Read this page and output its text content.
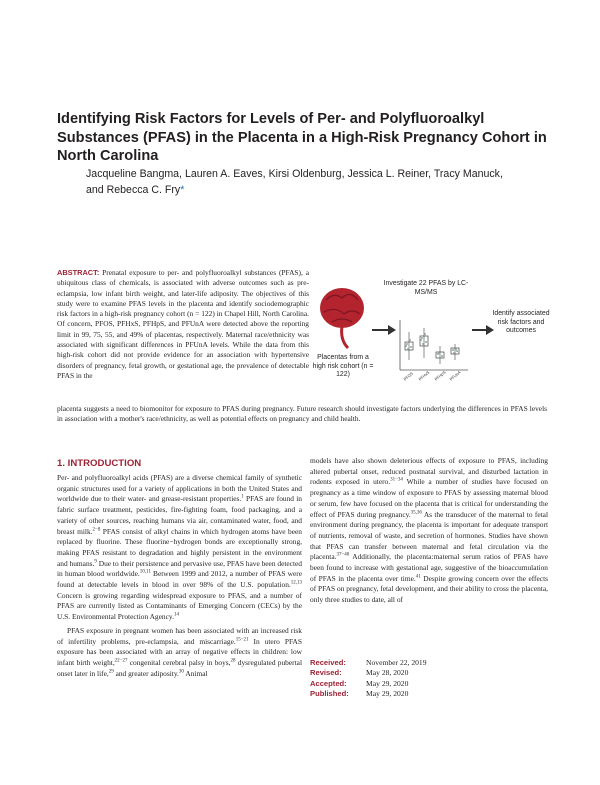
Identifying Risk Factors for Levels of Per- and Polyfluoroalkyl Substances (PFAS) in the Placenta in a High-Risk Pregnancy Cohort in North Carolina

Jacqueline Bangma, Lauren A. Eaves, Kirsi Oldenburg, Jessica L. Reiner, Tracy Manuck, and Rebecca C. Fry*

ABSTRACT: Prenatal exposure to per- and polyfluoroalkyl substances (PFAS), a ubiquitous class of chemicals, is associated with adverse outcomes such as pre-eclampsia, low infant birth weight, and later-life adiposity. The objectives of this study were to examine PFAS levels in the placenta and identify sociodemographic risk factors in a high-risk pregnancy cohort (n = 122) in Chapel Hill, North Carolina. Of concern, PFOS, PFHxS, PFHpS, and PFUnA were detected above the reporting limit in 99, 75, 55, and 49% of placentas, respectively. Maternal race/ethnicity was associated with significant differences in PFUnA levels. While the data from this high-risk cohort did not provide evidence for an association with hypertensive disorders of pregnancy, fetal growth, or gestational age, the prevalence of detectable PFAS in the	PFOS PFHxS PFHpS PFUnA
Investigate 22 PFAS by LC-MS/MS
Placentas from a high risk cohort (n = 122)
Identify associated risk factors and outcomes

placenta suggests a need to biomonitor for exposure to PFAS during pregnancy. Future research should investigate factors underlying the differences in PFAS levels in association with a mother's race/ethnicity, as well as potential effects on pregnancy and child health.

1. INTRODUCTION

Per- and polyfluoroalkyl acids (PFAS) are a diverse chemical family of synthetic organic structures used for a variety of applications in both the United States and worldwide due to their water- and grease-resistant properties.$^1$ PFAS are found in fabric surface treatment, pesticides, fire-fighting foam, food packaging, and a variety of other sources, reaching humans via air, contaminated water, food, and breast milk.$^{2-8}$ PFAS consist of alkyl chains in which hydrogen atoms have been replaced by fluorine. These fluorine−hydrogen bonds are exceptionally strong, making PFAS resistant to degradation and highly persistent in the environment and humans.$^9$ Due to their persistence and pervasive use, PFAS have been detected in human blood worldwide.$^{10,11}$ Between 1999 and 2012, a number of PFAS were found at detectable levels in blood in over 98% of the U.S. population.$^{12,13}$ Concern is growing regarding widespread exposure to PFAS, and a number of PFAS are currently listed as Contaminants of Emerging Concern (CECs) by the U.S. Environmental Protection Agency.$^{14}$

PFAS exposure in pregnant women has been associated with an increased risk of infertility problems, pre-eclampsia, and miscarriage.$^{15-21}$ In utero PFAS exposure has been associated with an array of negative effects in children: low infant birth weight,$^{22-27}$ congenital cerebral palsy in boys,$^{28}$ dysregulated pubertal onset later in life,$^{29}$ and greater adiposity.$^{30}$ Animal

models have also shown deleterious effects of exposure to PFAS, including altered pubertal onset, reduced postnatal survival, and disturbed lactation in rodents exposed in utero.$^{31-34}$ While a number of studies have focused on pregnancy as a time window of exposure to PFAS by assessing maternal blood or serum, few have focused on the placenta that is critical for understanding the effect of PFAS during pregnancy.$^{35,36}$ As the transducer of the maternal to fetal environment during pregnancy, the placenta is important for adequate transport of nutrients, removal of waste, and secretion of hormones. Studies have shown that PFAS can transfer between maternal and fetal circulation via the placenta.$^{37-40}$ Additionally, the placenta:maternal serum ratios of PFAS have been found to increase with gestational age, suggestive of the bioaccumulation of PFAS in the placenta over time.$^{41}$ Despite growing concern over the effects of PFAS on pregnancy, fetal development, and their ability to cross the placenta, only three studies to date, all of

Received:	November 22, 2019
Revised:	May 28, 2020
Accepted:	May 29, 2020
Published:	May 29, 2020
